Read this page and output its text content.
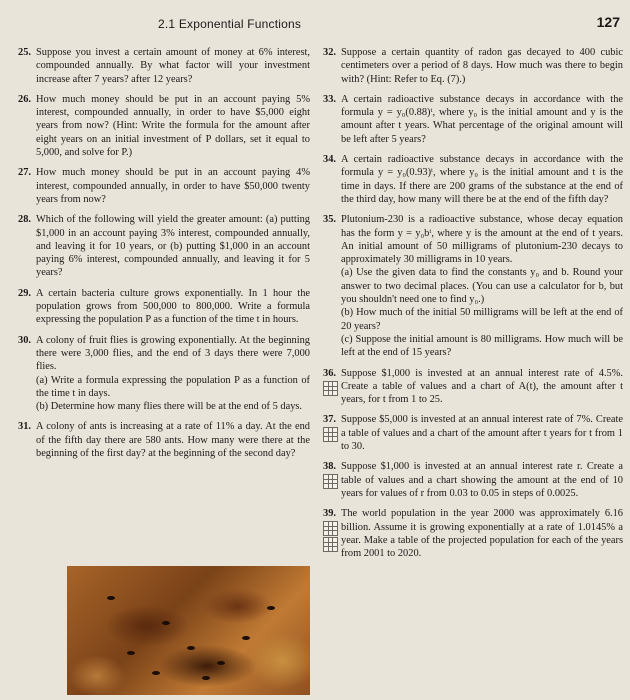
2.1 Exponential Functions	127
25. Suppose you invest a certain amount of money at 6% interest, compounded annually. By what factor will your investment increase after 7 years? after 12 years?

26. How much money should be put in an account paying 5% interest, compounded annually, in order to have $5,000 eight years from now? (Hint: Write the formula for the amount after eight years on an initial investment of P dollars, set it equal to 5,000, and solve for P.)

27. How much money should be put in an account paying 4% interest, compounded annually, in order to have $50,000 twenty years from now?

28. Which of the following will yield the greater amount: (a) putting $1,000 in an account paying 3% interest, compounded annually, and leaving it for 10 years, or (b) putting $1,000 in an account paying 6% interest, compounded annually, and leaving it for 5 years?

29. A certain bacteria culture grows exponentially. In 1 hour the population grows from 500,000 to 800,000. Write a formula expressing the population P as a function of the time t in hours.

30. A colony of fruit flies is growing exponentially. At the beginning there were 3,000 flies, and the end of 3 days there were 7,000 flies.

(a) Write a formula expressing the population P as a function of the time t in days.

(b) Determine how many flies there will be at the end of 5 days.

31. A colony of ants is increasing at a rate of 11% a day. At the end of the fifth day there are 580 ants. How many were there at the beginning of the first day? at the beginning of the second day?

32. Suppose a certain quantity of radon gas decayed to 400 cubic centimeters over a period of 8 days. How much was there to begin with? (Hint: Refer to Eq. (7).)

33. A certain radioactive substance decays in accordance with the formula y = y₀(0.88)ᵗ, where y₀ is the initial amount and y is the amount after t years. What percentage of the original amount will be left after 5 years?

34. A certain radioactive substance decays in accordance with the formula y = y₀(0.93)ᵗ, where y₀ is the initial amount and t is the time in days. If there are 200 grams of the substance at the end of the third day, how many will there be at the end of the fifth day?

35. Plutonium-230 is a radioactive substance, whose decay equation has the form y = y₀bᵗ, where y is the amount at the end of t years. An initial amount of 50 milligrams of plutonium-230 decays to approximately 30 milligrams in 10 years.

(a) Use the given data to find the constants y₀ and b. Round your answer to two decimal places. (You can use a calculator for b, but you shouldn't need one to find y₀.)

(b) How much of the initial 50 milligrams will be left at the end of 20 years?

(c) Suppose the initial amount is 80 milligrams. How much will be left at the end of 15 years?

36. Suppose $1,000 is invested at an annual interest rate of 4.5%. Create a table of values and a chart of A(t), the amount after t years, for t from 1 to 25.

37. Suppose $5,000 is invested at an annual interest rate of 7%. Create a table of values and a chart of the amount after t years for t from 1 to 30.

38. Suppose $1,000 is invested at an annual interest rate r. Create a table of values and a chart showing the amount at the end of 10 years for values of r from 0.03 to 0.05 in steps of 0.0025.

39. The world population in the year 2000 was approximately 6.16 billion. Assume it is growing exponentially at a rate of 1.0145% a year. Make a table of the projected population for each of the years from 2001 to 2020.
